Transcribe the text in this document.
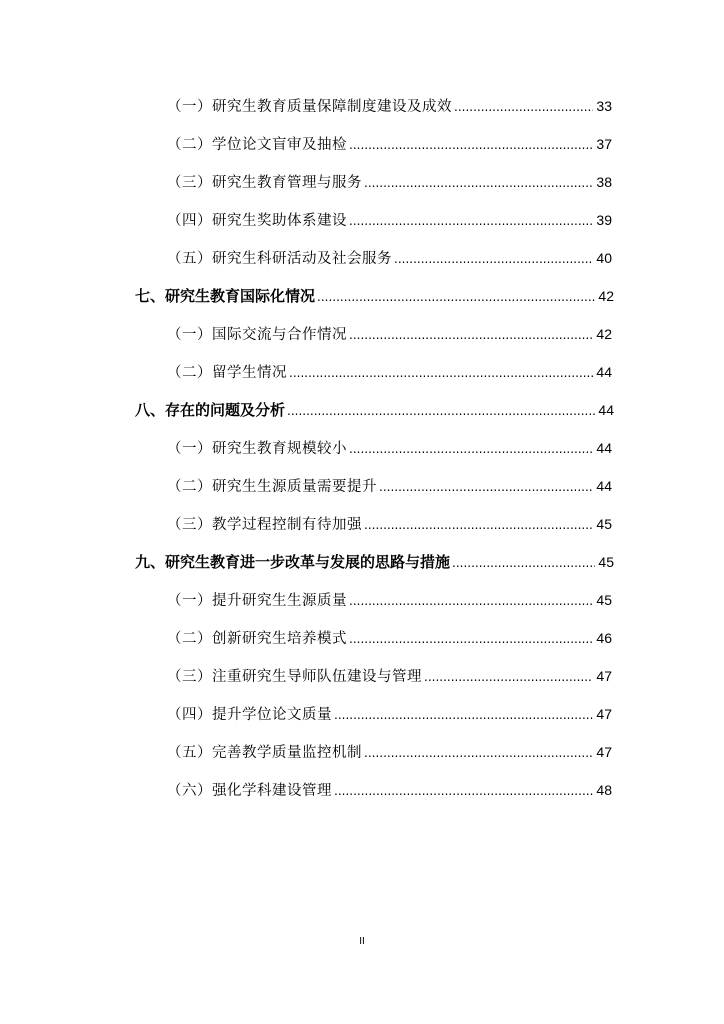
（一）研究生教育质量保障制度建设及成效 .....	33
（二）学位论文盲审及抽检 .....	37
（三）研究生教育管理与服务 .....	38
（四）研究生奖助体系建设 .....	39
（五）研究生科研活动及社会服务 .....	40
七、研究生教育国际化情况 .....	42
（一）国际交流与合作情况 .....	42
（二）留学生情况 .....	44
八、存在的问题及分析 .....	44
（一）研究生教育规模较小 .....	44
（二）研究生生源质量需要提升 .....	44
（三）教学过程控制有待加强 .....	45
九、研究生教育进一步改革与发展的思路与措施 .....	45
（一）提升研究生生源质量 .....	45
（二）创新研究生培养模式 .....	46
（三）注重研究生导师队伍建设与管理 .....	47
（四）提升学位论文质量 .....	47
（五）完善教学质量监控机制 .....	47
（六）强化学科建设管理 .....	48
II
